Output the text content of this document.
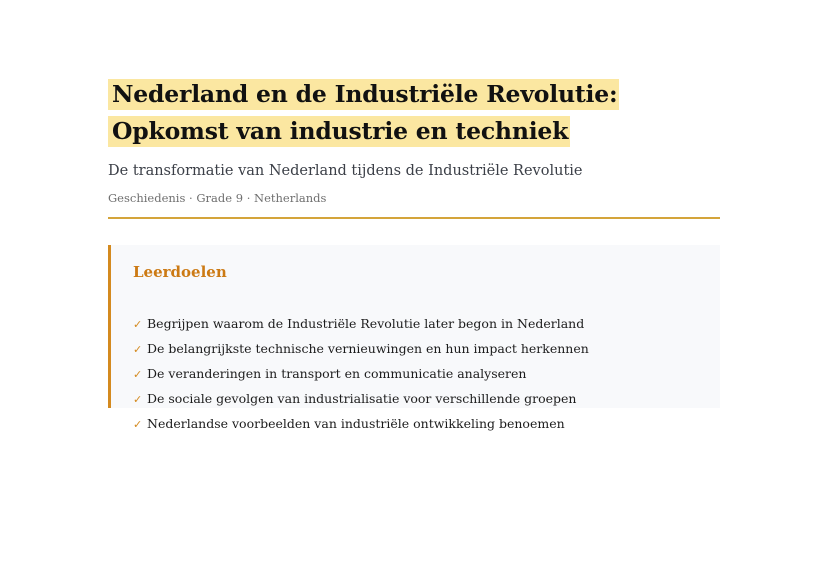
Nederland en de Industriële Revolutie: Opkomst van industrie en techniek

De transformatie van Nederland tijdens de Industriële Revolutie

Geschiedenis · Grade 9 · Netherlands

Leerdoelen
✓ Begrijpen waarom de Industriële Revolutie later begon in Nederland
✓ De belangrijkste technische vernieuwingen en hun impact herkennen
✓ De veranderingen in transport en communicatie analyseren
✓ De sociale gevolgen van industrialisatie voor verschillende groepen
✓ Nederlandse voorbeelden van industriële ontwikkeling benoemen
